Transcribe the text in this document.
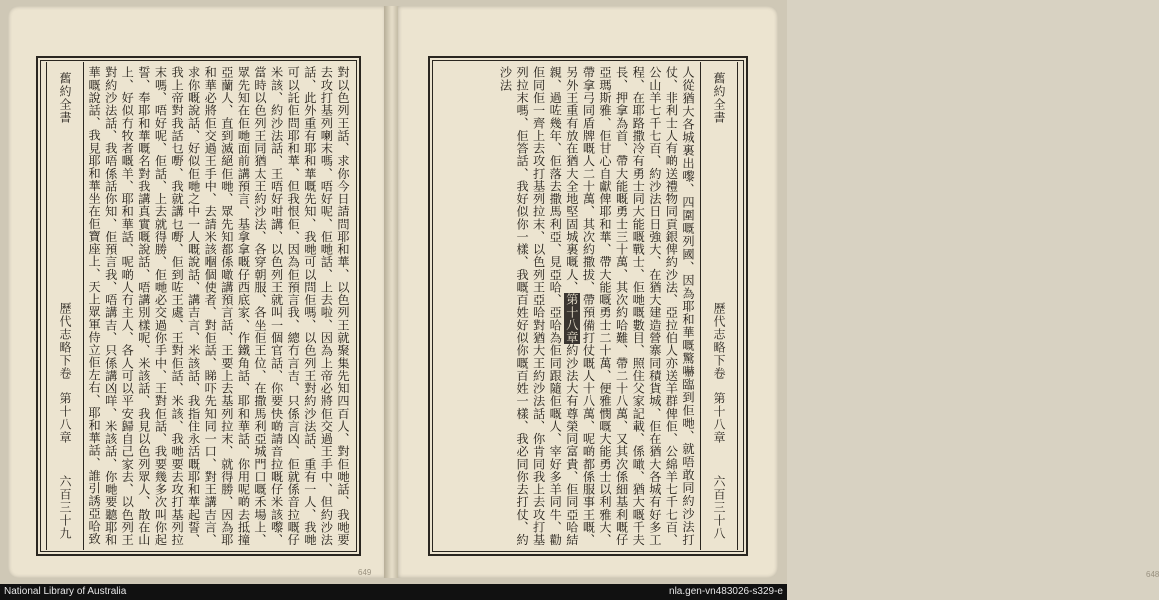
舊約全書
歷代志略下卷
第十八章
六百三十九	對以色列王話、求你今日請問耶和華、以色列王就聚集先知四百人、對佢哋話、我哋要去攻打基列喇末嗎、唔好呢、佢哋話、上去啦、因為上帝必將佢交過王手中、但約沙法話、此外重有耶和華嘅先知、我哋可以問佢嗎、以色列王對約沙法話、重有一人、我哋可以託佢問耶和華、但我恨佢、因為佢預言我、總冇言吉、只係言凶、佢就係音拉嘅仔米該、約沙法話、王唔好咁講、以色列王就叫一個官話、你要快啲請音拉嘅仔米該嚟、當時以色列王同猶太王約沙法、各穿朝服、各坐佢王位、在撒馬利亞城門口嘅禾場上、眾先知在佢哋面前講預言、基拿拿嘅仔西底家、作鐵角話、耶和華話、你用呢啲去抵撞亞蘭人、直到滅絕佢哋、眾先知都係噉講預言話、王要上去基列拉末、就得勝、因為耶和華必將佢交過王手中、去請米該嗰個使者、對佢話、睇吓先知同一口、對王講吉言、求你嘅說話、好似佢哋之中一人嘅說話、講吉言、米該話、我指住永活嘅耶和華起誓、我上帝對我話乜嘢、我就講乜嘢、佢到咗王處、王對佢話、米該、我哋要去攻打基列拉末嗎、唔好呢、佢話、上去就得勝、佢哋必交過你手中、王對佢話、我要幾多次叫你起誓、奉耶和華嘅名對我講真實嘅說話、唔講別樣呢、米該話、我見以色列眾人、散在山上、好似冇牧者嘅羊、耶和華話、呢啲人冇主人、各人可以平安歸自己家去、以色列王對約沙法話、我唔係話你知、佢預言我、唔講吉、只係講凶咩、米該話、你哋要聽耶和華嘅說話、我見耶和華坐在佢寶座上、天上眾軍侍立佢左右、耶和華話、誰引誘亞哈致

649
舊約全書
歷代志略下卷
第十八章
六百三十八

人從猶大各城裏出嚟、四圍嘅列國、因為耶和華嘅驚嚇臨到佢哋、就唔敢同約沙法打仗、非利士人有啲送禮物同貢銀俾約沙法、亞拉伯人亦送羊群俾佢、公綿羊七千七百、公山羊七千七百、約沙法日日強大、在猶大建造營寨同積貨城、佢在猶大各城有好多工程、在耶路撒冷有勇士同大能嘅戰士、佢哋嘅數目、照住父家記載、係噉、猶大嘅千夫長、押拿為首、帶大能嘅勇士三十萬、其次約哈難、帶二十八萬、又其次係細基利嘅仔亞瑪斯雅、佢甘心自獻俾耶和華、帶大能嘅勇士二十萬、便雅憫嘅大能勇士以利雅大、帶拿弓同盾牌嘅人二十萬、其次約撒拔、帶預備打仗嘅人十八萬、呢啲都係服事王嘅、另外王重有放在猶大全地堅固城裏嘅人、第十八章約沙法大有尊榮同富貴、佢同亞哈結親、過咗幾年、佢落去撒馬利亞、見亞哈、亞哈為佢同跟隨佢嘅人、宰好多羊同牛、勸佢同佢一齊上去攻打基列拉末、以色列王亞哈對猶大王約沙法話、你肯同我上去攻打基列拉末嗎、佢答話、我好似你一樣、我嘅百姓好似你嘅百姓一樣、我必同你去打仗、約沙法

648
National Library of Australia	nla.gen-vn483026-s329-e
